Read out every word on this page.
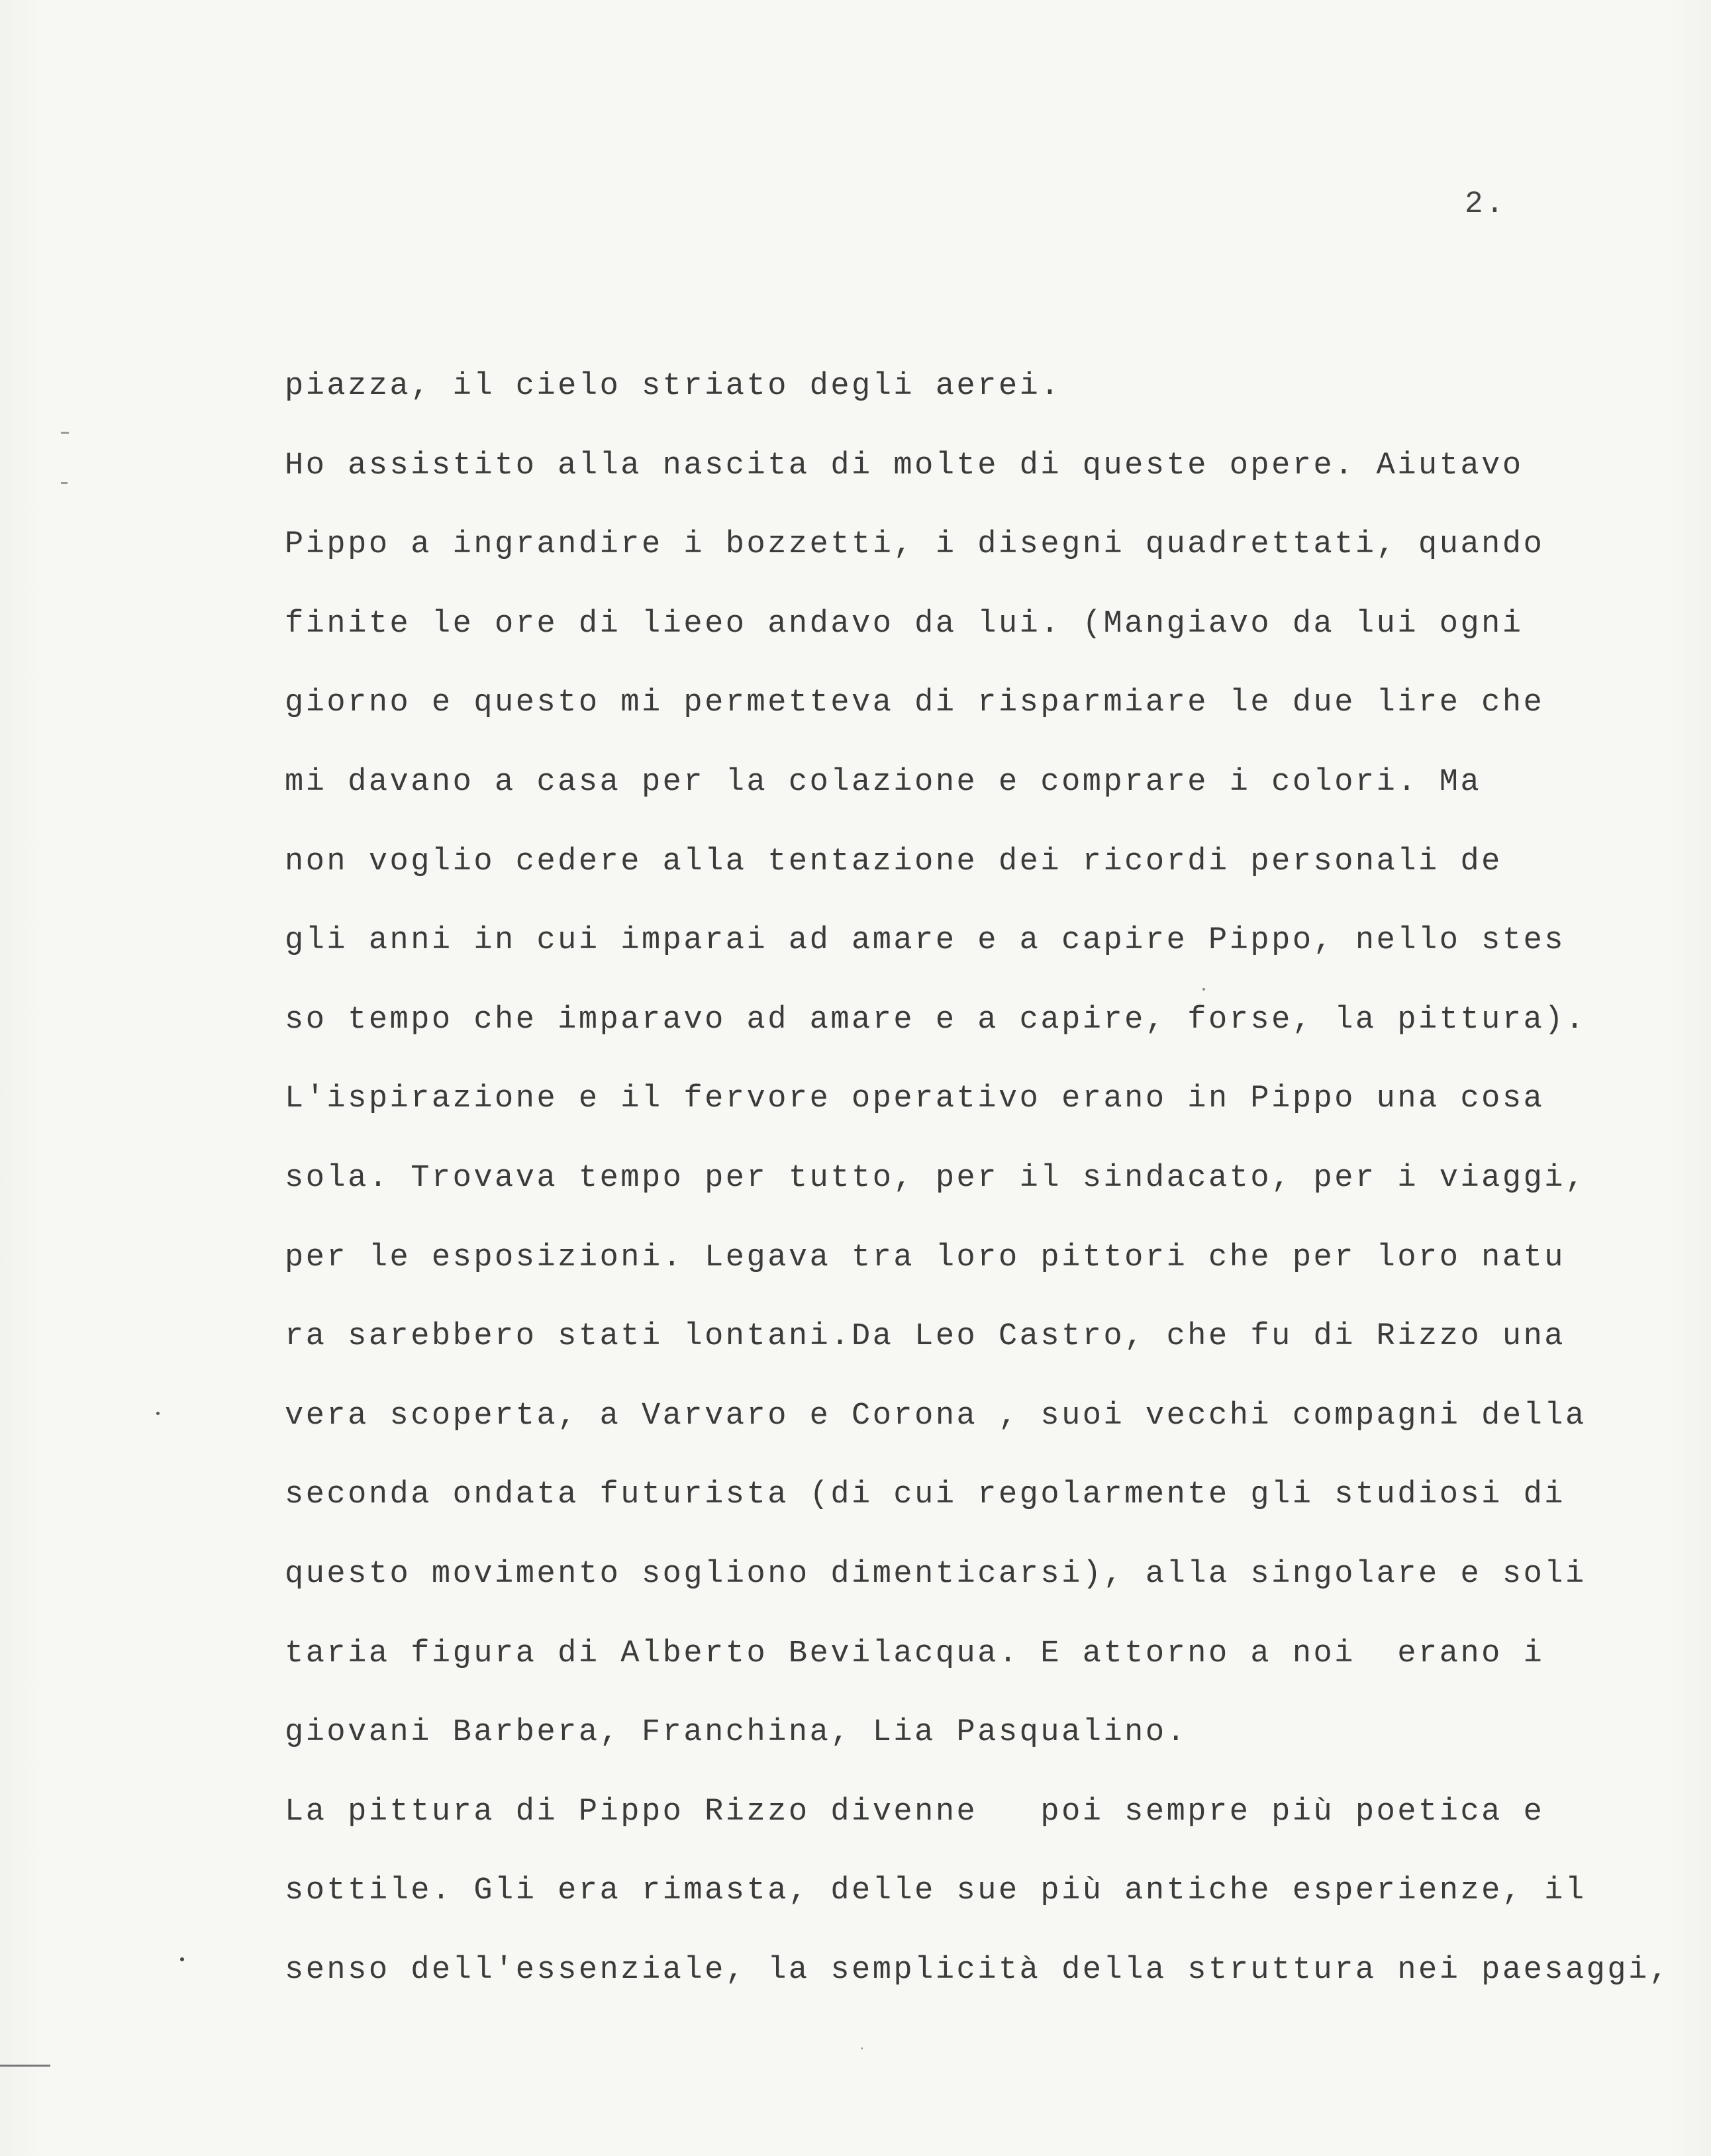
2.
piazza, il cielo striato degli aerei.
Ho assistito alla nascita di molte di queste opere. Aiutavo
Pippo a ingrandire i bozzetti, i disegni quadrettati, quando
finite le ore di lieeo andavo da lui. (Mangiavo da lui ogni
giorno e questo mi permetteva di risparmiare le due lire che
mi davano a casa per la colazione e comprare i colori. Ma
non voglio cedere alla tentazione dei ricordi personali de
gli anni in cui imparai ad amare e a capire Pippo, nello stes
so tempo che imparavo ad amare e a capire, forse, la pittura).
L'ispirazione e il fervore operativo erano in Pippo una cosa
sola. Trovava tempo per tutto, per il sindacato, per i viaggi,
per le esposizioni. Legava tra loro pittori che per loro natu
ra sarebbero stati lontani.Da Leo Castro, che fu di Rizzo una
vera scoperta, a Varvaro e Corona , suoi vecchi compagni della
seconda ondata futurista (di cui regolarmente gli studiosi di
questo movimento sogliono dimenticarsi), alla singolare e soli
taria figura di Alberto Bevilacqua. E attorno a noi  erano i
giovani Barbera, Franchina, Lia Pasqualino.
La pittura di Pippo Rizzo divenne   poi sempre più poetica e
sottile. Gli era rimasta, delle sue più antiche esperienze, il
senso dell'essenziale, la semplicità della struttura nei paesaggi,
